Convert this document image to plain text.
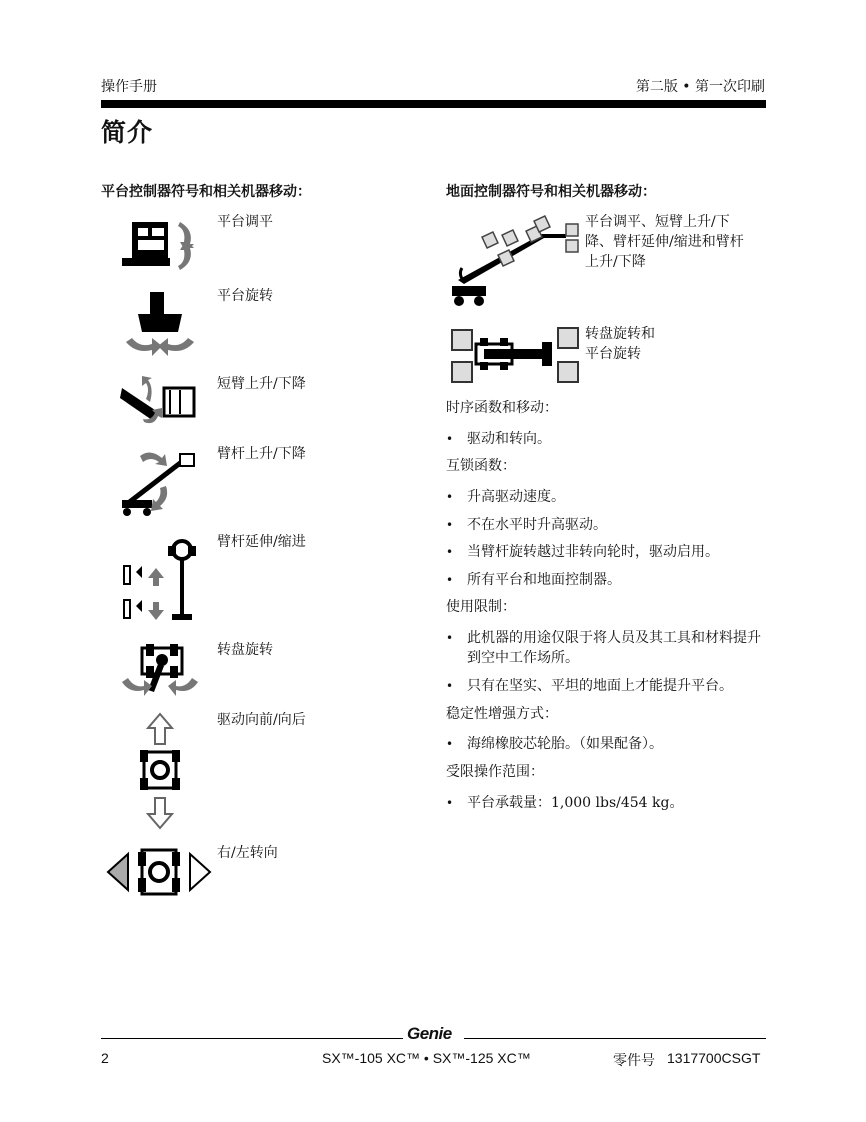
操作手册	第二版 • 第一次印刷
简介
平台控制器符号和相关机器移动：
平台调平
平台旋转
短臂上升/下降
臂杆上升/下降
臂杆延伸/缩进
转盘旋转
驱动向前/向后
右/左转向
地面控制器符号和相关机器移动：
平台调平、短臂上升/下
降、臂杆延伸/缩进和臂杆
上升/下降
转盘旋转和
平台旋转
时序函数和移动：
• 驱动和转向。
互锁函数：
• 升高驱动速度。
• 不在水平时升高驱动。
• 当臂杆旋转越过非转向轮时，驱动启用。
• 所有平台和地面控制器。
使用限制：
• 此机器的用途仅限于将人员及其工具和材料提升到空中工作场所。
• 只有在坚实、平坦的地面上才能提升平台。
稳定性增强方式：
• 海绵橡胶芯轮胎。（如果配备）。
受限操作范围：
• 平台承载量：1,000 lbs/454 kg。
Genie
2	SX™-105 XC™ • SX™-125 XC™	零件号 1317700CSGT
